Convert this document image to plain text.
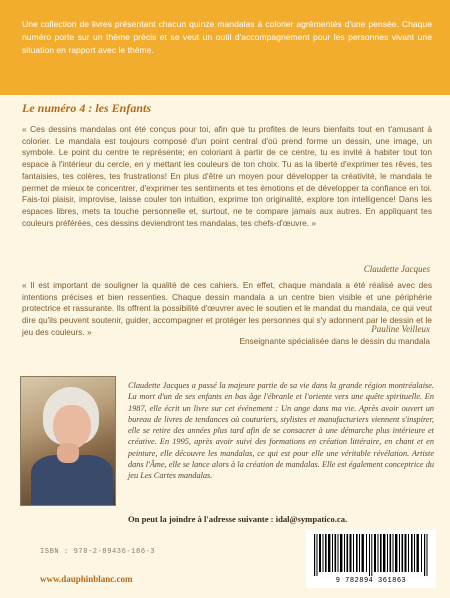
Une collection de livres présentant chacun quinze mandalas à colorier agrémentés d'une pensée. Chaque numéro porte sur un thème précis et se veut un outil d'accompagnement pour les personnes vivant une situation en rapport avec le thème.

Le numéro 4 : les Enfants

« Ces dessins mandalas ont été conçus pour toi, afin que tu profites de leurs bienfaits tout en t'amusant à colorier. Le mandala est toujours composé d'un point central d'où prend forme un dessin, une image, un symbole. Le point du centre te représente; en coloriant à partir de ce centre, tu es invité à habiter tout ton espace à l'intérieur du cercle, en y mettant les couleurs de ton choix. Tu as la liberté d'exprimer tes rêves, tes fantaisies, tes colères, tes frustrations! En plus d'être un moyen pour développer ta créativité, le mandala te permet de mieux te concentrer, d'exprimer tes sentiments et tes émotions et de développer ta confiance en toi. Fais-toi plaisir, improvise, laisse couler ton intuition, exprime ton originalité, explore ton intelligence! Dans les espaces libres, mets ta touche personnelle et, surtout, ne te compare jamais aux autres. En appliquant tes couleurs préférées, ces dessins deviendront tes mandalas, tes chefs-d'œuvre. »

Claudette Jacques

« Il est important de souligner la qualité de ces cahiers. En effet, chaque mandala a été réalisé avec des intentions précises et bien ressenties. Chaque dessin mandala a un centre bien visible et une périphérie protectrice et rassurante. Ils offrent la possibilité d'œuvrer avec le soutien et le mandat du mandala, ce qui veut dire qu'ils peuvent soutenir, guider, accompagner et protéger les personnes qui s'y adonnent par le dessin et le jeu des couleurs. »	Pauline Veilleux
Enseignante spécialisée dans le dessin du mandala

Claudette Jacques a passé la majeure partie de sa vie dans la grande région montréalaise. La mort d'un de ses enfants en bas âge l'ébranle et l'oriente vers une quête spirituelle. En 1987, elle écrit un livre sur cet événement : Un ange dans ma vie. Après avoir ouvert un bureau de livres de tendances où couturiers, stylistes et manufacturiers viennent s'inspirer, elle se retire des années plus tard afin de se consacrer à une démarche plus intérieure et créative. En 1995, après avoir suivi des formations en création littéraire, en chant et en peinture, elle découvre les mandalas, ce qui est pour elle une véritable révélation. Artiste dans l'Âme, elle se lance alors à la création de mandalas. Elle est également conceptrice du jeu Les Cartes mandalas.

On peut la joindre à l'adresse suivante : idal@sympatico.ca.

ISBN : 978-2-89436-186-3
www.dauphinblanc.com	9 782894 361863
